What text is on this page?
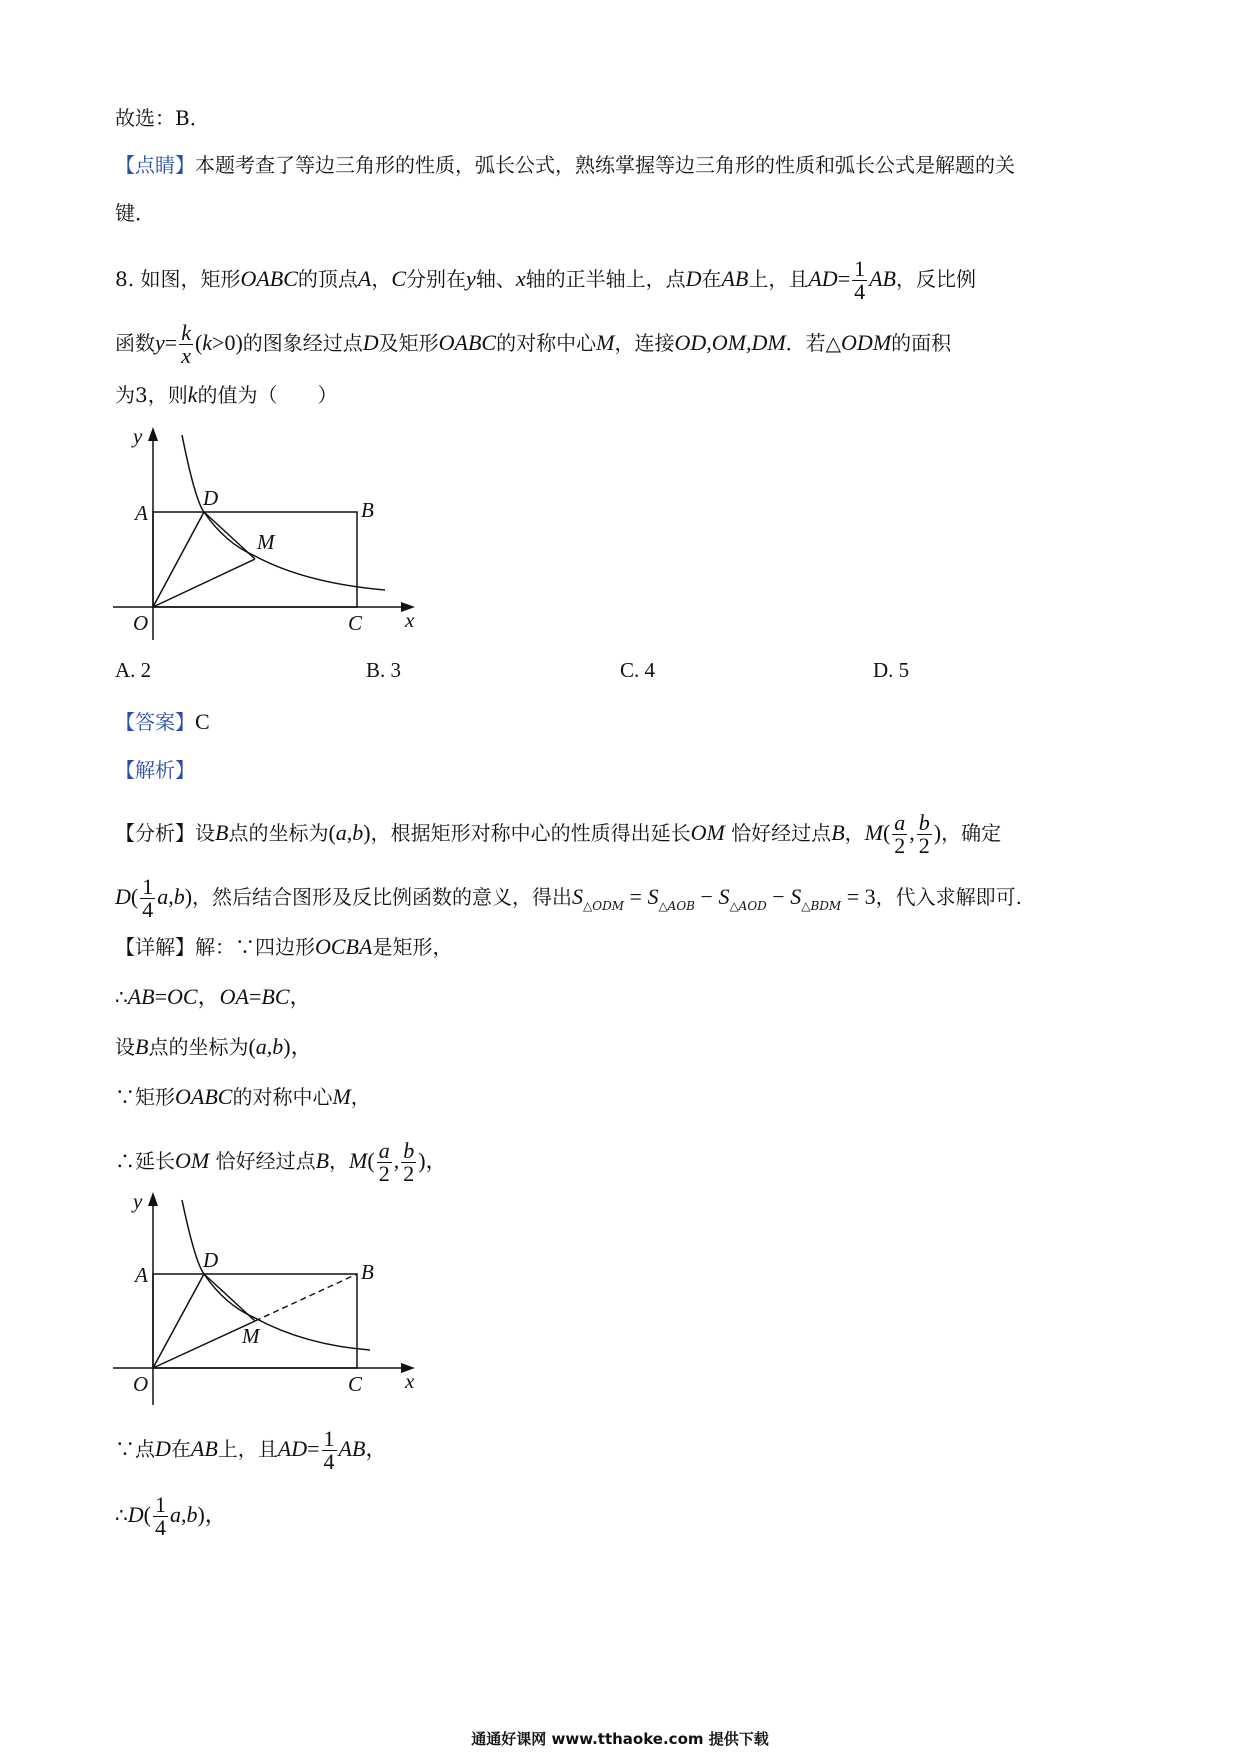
故选：B．
【点睛】本题考查了等边三角形的性质，弧长公式，熟练掌握等边三角形的性质和弧长公式是解题的关
键．
8. 如图，矩形OABC的顶点A，C分别在y轴、x轴的正半轴上，点D在AB上，且$AD= \frac{1}{4}$ AB，反比例
函数$y= \frac{k}{x} (k>0)$的图象经过点D及矩形OABC的对称中心M，连接OD,OM,DM．若△ODM的面积
为3，则k的值为（　　）
y
x
O
A	B
C
D
M
A. 2	B. 3	C. 4	D. 5
【答案】C
【解析】
【分析】设B点的坐标为(a,b)，根据矩形对称中心的性质得出延长OM 恰好经过点B，$M( \frac{a}{2}$ , $\frac{b}{2}$ )，确定
$D( \frac{1}{4} a,b)$，然后结合图形及反比例函数的意义，得出$S_{\triangle ODM} = S_{\triangle AOB} - S_{\triangle AOD} - S_{\triangle BDM} = 3$，代入求解即可.
【详解】解：∵四边形OCBA是矩形，
∴AB=OC，OA=BC，
设B点的坐标为(a,b)，
∵矩形OABC的对称中心M，
∴延长OM 恰好经过点B，$M( \frac{a}{2}$ , $\frac{b}{2}$ )，
y
x
O
A	B
C
D
M
∵点D在AB上，且$AD= \frac{1}{4}$ AB，
∴D( $\frac{1}{4} a,b$)，
通通好课网 www.tthaoke.com 提供下载
